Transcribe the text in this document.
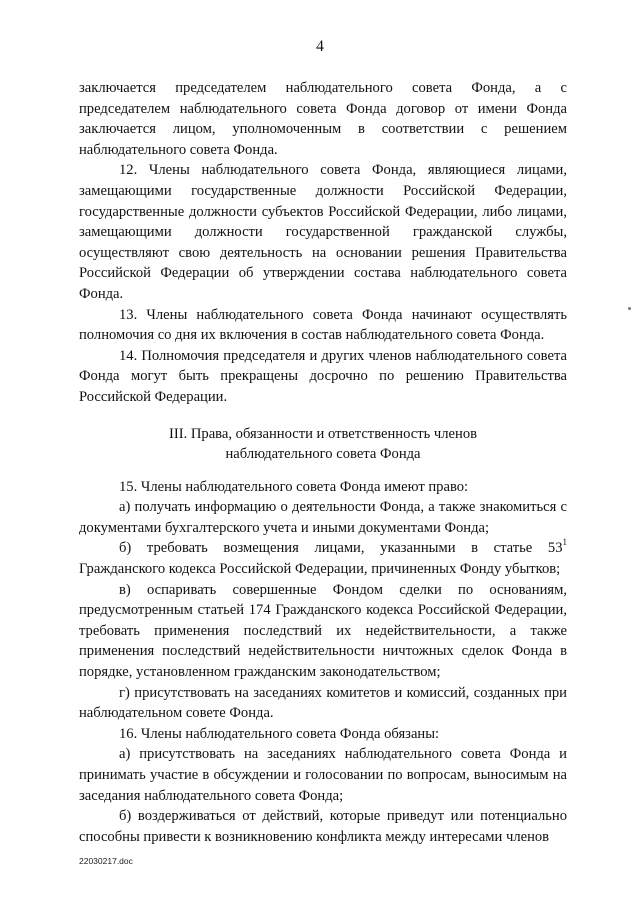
4

заключается председателем наблюдательного совета Фонда, а с председателем наблюдательного совета Фонда договор от имени Фонда заключается лицом, уполномоченным в соответствии с решением наблюдательного совета Фонда.

12. Члены наблюдательного совета Фонда, являющиеся лицами, замещающими государственные должности Российской Федерации, государственные должности субъектов Российской Федерации, либо лицами, замещающими должности государственной гражданской службы, осуществляют свою деятельность на основании решения Правительства Российской Федерации об утверждении состава наблюдательного совета Фонда.

13. Члены наблюдательного совета Фонда начинают осуществлять полномочия со дня их включения в состав наблюдательного совета Фонда.

14. Полномочия председателя и других членов наблюдательного совета Фонда могут быть прекращены досрочно по решению Правительства Российской Федерации.

III. Права, обязанности и ответственность членов
наблюдательного совета Фонда

15. Члены наблюдательного совета Фонда имеют право:

а) получать информацию о деятельности Фонда, а также знакомиться с документами бухгалтерского учета и иными документами Фонда;

б) требовать возмещения лицами, указанными в статье $53^1$ Гражданского кодекса Российской Федерации, причиненных Фонду убытков;

в) оспаривать совершенные Фондом сделки по основаниям, предусмотренным статьей 174 Гражданского кодекса Российской Федерации, требовать применения последствий их недействительности, а также применения последствий недействительности ничтожных сделок Фонда в порядке, установленном гражданским законодательством;

г) присутствовать на заседаниях комитетов и комиссий, созданных при наблюдательном совете Фонда.

16. Члены наблюдательного совета Фонда обязаны:

а) присутствовать на заседаниях наблюдательного совета Фонда и принимать участие в обсуждении и голосовании по вопросам, выносимым на заседания наблюдательного совета Фонда;

б) воздерживаться от действий, которые приведут или потенциально способны привести к возникновению конфликта между интересами членов

22030217.doc
